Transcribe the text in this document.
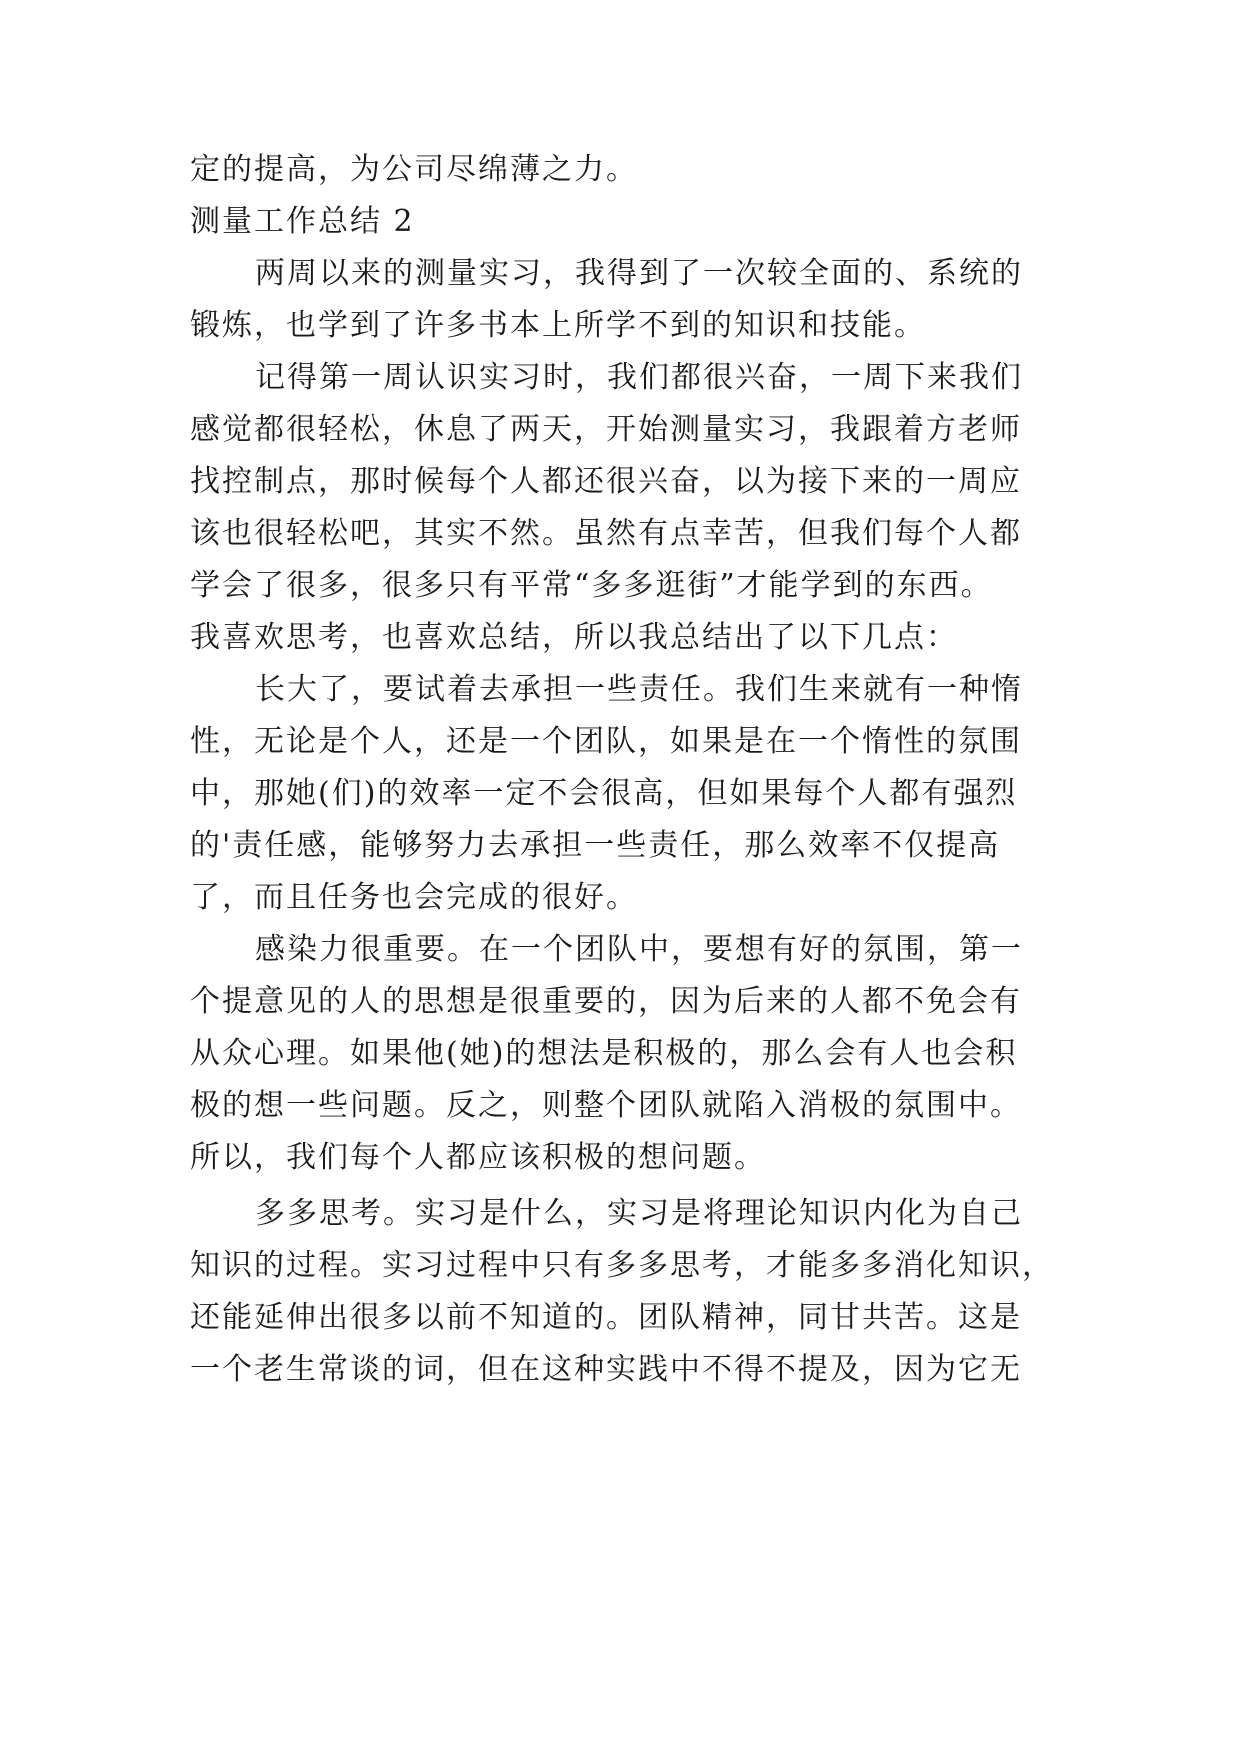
定的提高，为公司尽绵薄之力。
测量工作总结 2
两周以来的测量实习，我得到了一次较全面的、系统的
锻炼，也学到了许多书本上所学不到的知识和技能。
记得第一周认识实习时，我们都很兴奋，一周下来我们
感觉都很轻松，休息了两天，开始测量实习，我跟着方老师
找控制点，那时候每个人都还很兴奋，以为接下来的一周应
该也很轻松吧，其实不然。虽然有点幸苦，但我们每个人都
学会了很多，很多只有平常“多多逛街”才能学到的东西。
我喜欢思考，也喜欢总结，所以我总结出了以下几点：
长大了，要试着去承担一些责任。我们生来就有一种惰
性，无论是个人，还是一个团队，如果是在一个惰性的氛围
中，那她(们)的效率一定不会很高，但如果每个人都有强烈
的'责任感，能够努力去承担一些责任，那么效率不仅提高
了，而且任务也会完成的很好。
感染力很重要。在一个团队中，要想有好的氛围，第一
个提意见的人的思想是很重要的，因为后来的人都不免会有
从众心理。如果他(她)的想法是积极的，那么会有人也会积
极的想一些问题。反之，则整个团队就陷入消极的氛围中。
所以，我们每个人都应该积极的想问题。
多多思考。实习是什么，实习是将理论知识内化为自己
知识的过程。实习过程中只有多多思考，才能多多消化知识，
还能延伸出很多以前不知道的。团队精神，同甘共苦。这是
一个老生常谈的词，但在这种实践中不得不提及，因为它无
